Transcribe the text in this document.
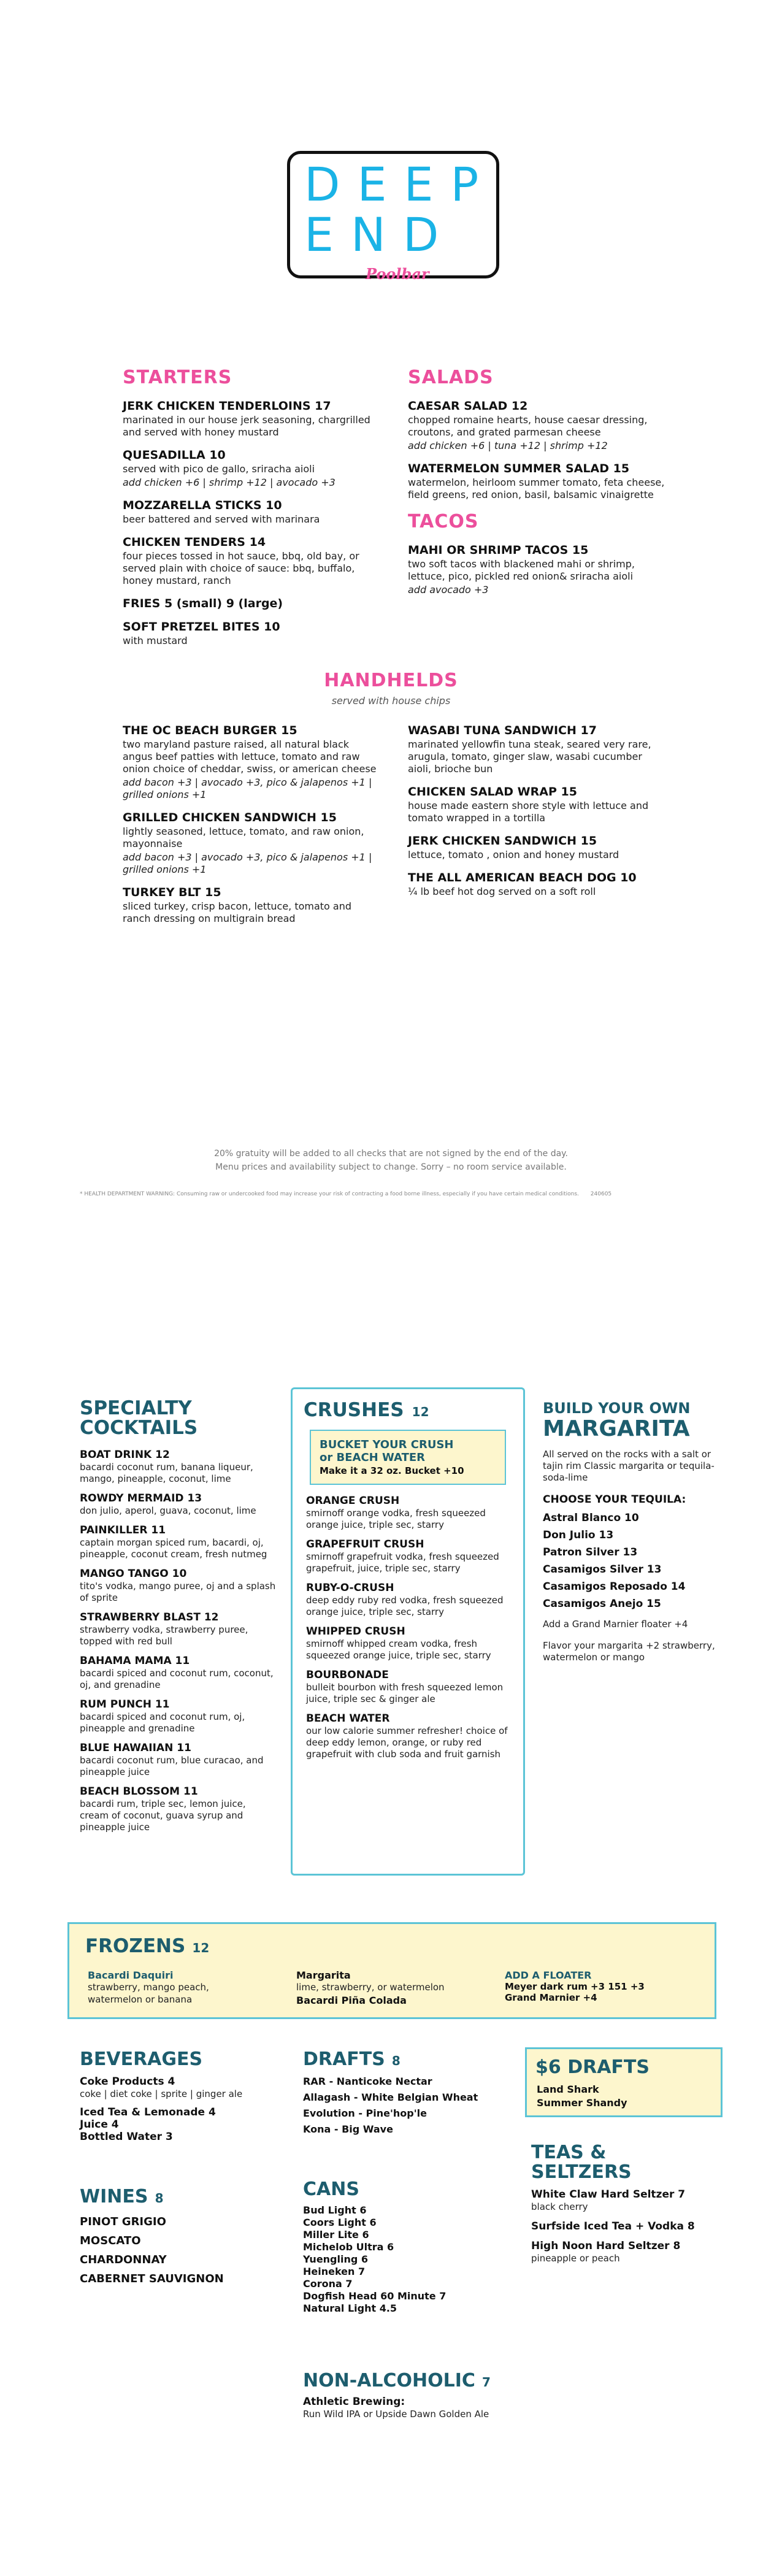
DEEP
END
Poolbar
STARTERS
JERK CHICKEN TENDERLOINS 17
marinated in our house jerk seasoning, chargrilled and served with honey mustard
QUESADILLA 10
served with pico de gallo, sriracha aioli
add chicken +6 | shrimp +12 | avocado +3
MOZZARELLA STICKS 10
beer battered and served with marinara
CHICKEN TENDERS 14
four pieces tossed in hot sauce, bbq, old bay, or served plain with choice of sauce: bbq, buffalo, honey mustard, ranch
FRIES 5 (small) 9 (large)
SOFT PRETZEL BITES 10
with mustard
SALADS
CAESAR SALAD 12
chopped romaine hearts, house caesar dressing, croutons, and grated parmesan cheese
add chicken +6 | tuna +12 | shrimp +12
WATERMELON SUMMER SALAD 15
watermelon, heirloom summer tomato, feta cheese, field greens, red onion, basil, balsamic vinaigrette
TACOS
MAHI OR SHRIMP TACOS 15
two soft tacos with blackened mahi or shrimp, lettuce, pico, pickled red onion& sriracha aioli
add avocado +3
HANDHELDS
served with house chips
THE OC BEACH BURGER 15
two maryland pasture raised, all natural black angus beef patties with lettuce, tomato and raw onion choice of cheddar, swiss, or american cheese
add bacon +3 | avocado +3, pico & jalapenos +1 | grilled onions +1
GRILLED CHICKEN SANDWICH 15
lightly seasoned, lettuce, tomato, and raw onion, mayonnaise
add bacon +3 | avocado +3, pico & jalapenos +1 | grilled onions +1
TURKEY BLT 15
sliced turkey, crisp bacon, lettuce, tomato and ranch dressing on multigrain bread
WASABI TUNA SANDWICH 17
marinated yellowfin tuna steak, seared very rare, arugula, tomato, ginger slaw, wasabi cucumber aioli, brioche bun
CHICKEN SALAD WRAP 15
house made eastern shore style with lettuce and tomato wrapped in a tortilla
JERK CHICKEN SANDWICH 15
lettuce, tomato , onion and honey mustard
THE ALL AMERICAN BEACH DOG 10
¼ lb beef hot dog served on a soft roll
20% gratuity will be added to all checks that are not signed by the end of the day.
Menu prices and availability subject to change. Sorry – no room service available.
* HEALTH DEPARTMENT WARNING: Consuming raw or undercooked food may increase your risk of contracting a food borne illness, especially if you have certain medical conditions. 240605
SPECIALTY
COCKTAILS
BOAT DRINK 12
bacardi coconut rum, banana liqueur, mango, pineapple, coconut, lime
ROWDY MERMAID 13
don julio, aperol, guava, coconut, lime
PAINKILLER 11
captain morgan spiced rum, bacardi, oj, pineapple, coconut cream, fresh nutmeg
MANGO TANGO 10
tito's vodka, mango puree, oj and a splash of sprite
STRAWBERRY BLAST 12
strawberry vodka, strawberry puree, topped with red bull
BAHAMA MAMA 11
bacardi spiced and coconut rum, coconut, oj, and grenadine
RUM PUNCH 11
bacardi spiced and coconut rum, oj, pineapple and grenadine
BLUE HAWAIIAN 11
bacardi coconut rum, blue curacao, and pineapple juice
BEACH BLOSSOM 11
bacardi rum, triple sec, lemon juice, cream of coconut, guava syrup and pineapple juice
CRUSHES 12
BUCKET YOUR CRUSH
or BEACH WATER
Make it a 32 oz. Bucket +10
ORANGE CRUSH
smirnoff orange vodka, fresh squeezed orange juice, triple sec, starry
GRAPEFRUIT CRUSH
smirnoff grapefruit vodka, fresh squeezed grapefruit, juice, triple sec, starry
RUBY-O-CRUSH
deep eddy ruby red vodka, fresh squeezed orange juice, triple sec, starry
WHIPPED CRUSH
smirnoff whipped cream vodka, fresh squeezed orange juice, triple sec, starry
BOURBONADE
bulleit bourbon with fresh squeezed lemon juice, triple sec & ginger ale
BEACH WATER
our low calorie summer refresher! choice of deep eddy lemon, orange, or ruby red grapefruit with club soda and fruit garnish
BUILD YOUR OWN
MARGARITA
All served on the rocks with a salt or tajin rim Classic margarita or tequila-soda-lime
CHOOSE YOUR TEQUILA:
Astral Blanco 10
Don Julio 13
Patron Silver 13
Casamigos Silver 13
Casamigos Reposado 14
Casamigos Anejo 15
Add a Grand Marnier floater +4
Flavor your margarita +2 strawberry, watermelon or mango
FROZENS 12
Bacardi Daquiri
strawberry, mango peach, watermelon or banana
Margarita
lime, strawberry, or watermelon
Bacardi Piña Colada
ADD A FLOATER
Meyer dark rum +3 151 +3
Grand Marnier +4
BEVERAGES
Coke Products 4
coke | diet coke | sprite | ginger ale
Iced Tea & Lemonade 4
Juice 4
Bottled Water 3
WINES 8
PINOT GRIGIO
MOSCATO
CHARDONNAY
CABERNET SAUVIGNON
DRAFTS 8
RAR - Nanticoke Nectar
Allagash - White Belgian Wheat
Evolution - Pine'hop'le
Kona - Big Wave
CANS
Bud Light 6
Coors Light 6
Miller Lite 6
Michelob Ultra 6
Yuengling 6
Heineken 7
Corona 7
Dogfish Head 60 Minute 7
Natural Light 4.5
NON-ALCOHOLIC 7
Athletic Brewing:
Run Wild IPA or Upside Dawn Golden Ale
$6 DRAFTS
Land Shark
Summer Shandy
TEAS &
SELTZERS
White Claw Hard Seltzer 7
black cherry
Surfside Iced Tea + Vodka 8
High Noon Hard Seltzer 8
pineapple or peach
